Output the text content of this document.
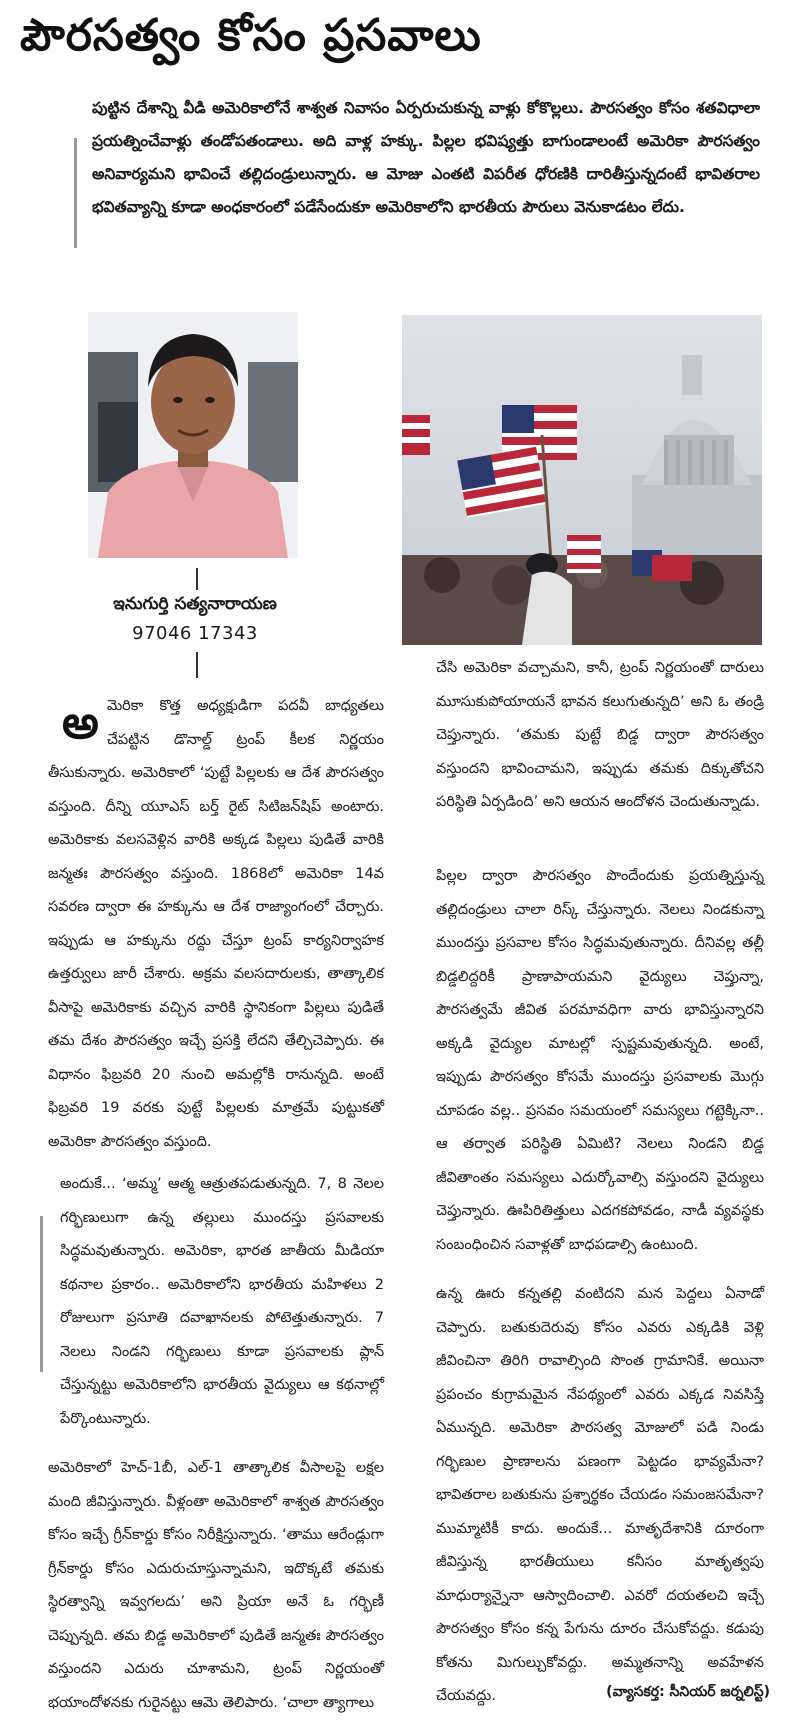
పౌరసత్వం కోసం ప్రసవాలు
పుట్టిన దేశాన్ని వీడి అమెరికాలోనే శాశ్వత నివాసం ఏర్పరుచుకున్న వాళ్లు కోకొల్లలు. పౌరసత్వం కోసం శతవిధాలా ప్రయత్నించేవాళ్లు తండోపతండాలు. అది వాళ్ల హక్కు. పిల్లల భవిష్యత్తు బాగుండాలంటే అమెరికా పౌరసత్వం అనివార్యమని భావించే తల్లిదండ్రులున్నారు. ఆ మోజు ఎంతటి విపరీత ధోరణికి దారితీస్తున్నదంటే భావితరాల భవితవ్యాన్ని కూడా అంధకారంలో పడేసేందుకూ అమెరికాలోని భారతీయ పౌరులు వెనుకాడటం లేదు.
ఇనుగుర్తి సత్యనారాయణ
97046 17343
అ మెరికా కొత్త అధ్యక్షుడిగా పదవీ బాధ్యతలు చేపట్టిన డొనాల్డ్ ట్రంప్ కీలక నిర్ణయం తీసుకున్నారు. అమెరికాలో ‘పుట్టే పిల్లలకు ఆ దేశ పౌరసత్వం వస్తుంది. దీన్ని యూఎస్ బర్త్ రైట్ సిటిజన్‌షిప్ అంటారు. అమెరికాకు వలసవెళ్లిన వారికి అక్కడ పిల్లలు పుడితే వారికి జన్మతః పౌరసత్వం వస్తుంది. 1868లో అమెరికా 14వ సవరణ ద్వారా ఈ హక్కును ఆ దేశ రాజ్యాంగంలో చేర్చారు. ఇప్పుడు ఆ హక్కును రద్దు చేస్తూ ట్రంప్ కార్యనిర్వాహక ఉత్తర్వులు జారీ చేశారు. అక్రమ వలసదారులకు, తాత్కాలిక వీసాపై అమెరికాకు వచ్చిన వారికి స్థానికంగా పిల్లలు పుడితే తమ దేశం పౌరసత్వం ఇచ్చే ప్రసక్తి లేదని తేల్చిచెప్పారు. ఈ విధానం ఫిబ్రవరి 20 నుంచి అమల్లోకి రానున్నది. అంటే ఫిబ్రవరి 19 వరకు పుట్టే పిల్లలకు మాత్రమే పుట్టుకతో అమెరికా పౌరసత్వం వస్తుంది.

అందుకే... ‘అమ్మ’ ఆత్మ ఆత్రుతపడుతున్నది. 7, 8 నెలల గర్భిణులుగా ఉన్న తల్లులు ముందస్తు ప్రసవాలకు సిద్ధమవుతున్నారు. అమెరికా, భారత జాతీయ మీడియా కథనాల ప్రకారం.. అమెరికాలోని భారతీయ మహిళలు 2 రోజులుగా ప్రసూతి దవాఖానలకు పోటెత్తుతున్నారు. 7 నెలలు నిండని గర్భిణులు కూడా ప్రసవాలకు ప్లాన్ చేస్తున్నట్టు అమెరికాలోని భారతీయ వైద్యులు ఆ కథనాల్లో పేర్కొంటున్నారు.

అమెరికాలో హెచ్-1బీ, ఎల్-1 తాత్కాలిక వీసాలపై లక్షల మంది జీవిస్తున్నారు. వీళ్లంతా అమెరికాలో శాశ్వత పౌరసత్వం కోసం ఇచ్చే గ్రీన్‌కార్డు కోసం నిరీక్షిస్తున్నారు. ‘తాము ఆరేండ్లుగా గ్రీన్‌కార్డు కోసం ఎదురుచూస్తున్నామని, ఇదొక్కటే తమకు స్థిరత్వాన్ని ఇవ్వగలదు’ అని ప్రియా అనే ఓ గర్భిణీ చెప్పున్నది. తమ బిడ్డ అమెరికాలో పుడితే జన్మతః పౌరసత్వం వస్తుందని ఎదురు చూశామని, ట్రంప్ నిర్ణయంతో భయాందోళనకు గురైనట్టు ఆమె తెలిపారు. ‘చాలా త్యాగాలు

చేసి అమెరికా వచ్చామని, కానీ, ట్రంప్ నిర్ణయంతో దారులు మూసుకుపోయాయనే భావన కలుగుతున్నది’ అని ఓ తండ్రి చెప్తున్నారు. ‘తమకు పుట్టే బిడ్డ ద్వారా పౌరసత్వం వస్తుందని భావించామని, ఇప్పుడు తమకు దిక్కుతోచని పరిస్థితి ఏర్పడింది’ అని ఆయన ఆందోళన చెందుతున్నాడు.

పిల్లల ద్వారా పౌరసత్వం పొందేందుకు ప్రయత్నిస్తున్న తల్లిదండ్రులు చాలా రిస్క్ చేస్తున్నారు. నెలలు నిండకున్నా ముందస్తు ప్రసవాల కోసం సిద్ధమవుతున్నారు. దీనివల్ల తల్లీ బిడ్డలిద్దరికీ ప్రాణాపాయమని వైద్యులు చెప్తున్నా, పౌరసత్వమే జీవిత పరమావధిగా వారు భావిస్తున్నారని అక్కడి వైద్యుల మాటల్లో స్పష్టమవుతున్నది. అంటే, ఇప్పుడు పౌరసత్వం కోసమే ముందస్తు ప్రసవాలకు మొగ్గు చూపడం వల్ల.. ప్రసవం సమయంలో సమస్యలు గట్టెక్కినా.. ఆ తర్వాత పరిస్థితి ఏమిటి? నెలలు నిండని బిడ్డ జీవితాంతం సమస్యలు ఎదుర్కోవాల్సి వస్తుందని వైద్యులు చెప్తున్నారు. ఊపిరితిత్తులు ఎదగకపోవడం, నాడీ వ్యవస్థకు సంబంధించిన సవాళ్లతో బాధపడాల్సి ఉంటుంది.

ఉన్న ఊరు కన్నతల్లి వంటిదని మన పెద్దలు ఏనాడో చెప్పారు. బతుకుదెరువు కోసం ఎవరు ఎక్కడికి వెళ్లి జీవించినా తిరిగి రావాల్సింది సొంత గ్రామానికే. అయినా ప్రపంచం కుగ్రామమైన నేపథ్యంలో ఎవరు ఎక్కడ నివసిస్తే ఏమున్నది. అమెరికా పౌరసత్వ మోజులో పడి నిండు గర్భిణుల ప్రాణాలను పణంగా పెట్టడం భావ్యమేనా? భావితరాల బతుకును ప్రశ్నార్థకం చేయడం సమంజసమేనా? ముమ్మాటికీ కాదు. అందుకే... మాతృదేశానికి దూరంగా జీవిస్తున్న భారతీయులు కనీసం మాతృత్వపు మాధుర్యాన్నైనా ఆస్వాదించాలి. ఎవరో దయతలచి ఇచ్చే పౌరసత్వం కోసం కన్న పేగును దూరం చేసుకోవద్దు. కడుపు కోతను మిగుల్చుకోవద్దు. అమ్మతనాన్ని అవహేళన చేయవద్దు.	(వ్యాసకర్త: సీనియర్ జర్నలిస్ట్)
